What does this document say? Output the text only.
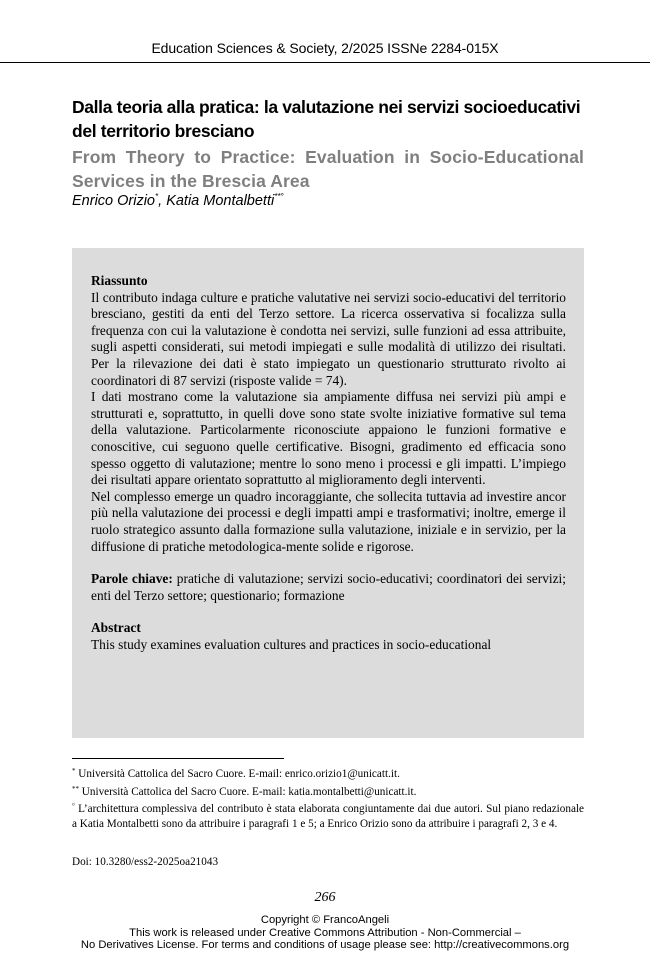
Education Sciences & Society, 2/2025 ISSNe 2284-015X
Dalla teoria alla pratica: la valutazione nei servizi socioeducativi del territorio bresciano
From Theory to Practice: Evaluation in Socio-Educational Services in the Brescia Area
Enrico Orizio*, Katia Montalbetti**°

Riassunto

Il contributo indaga culture e pratiche valutative nei servizi socio-educativi del territorio bresciano, gestiti da enti del Terzo settore. La ricerca osservativa si focalizza sulla frequenza con cui la valutazione è condotta nei servizi, sulle funzioni ad essa attribuite, sugli aspetti considerati, sui metodi impiegati e sulle modalità di utilizzo dei risultati. Per la rilevazione dei dati è stato impiegato un questionario strutturato rivolto ai coordinatori di 87 servizi (risposte valide = 74).

I dati mostrano come la valutazione sia ampiamente diffusa nei servizi più ampi e strutturati e, soprattutto, in quelli dove sono state svolte iniziative formative sul tema della valutazione. Particolarmente riconosciute appaiono le funzioni formative e conoscitive, cui seguono quelle certificative. Bisogni, gradimento ed efficacia sono spesso oggetto di valutazione; mentre lo sono meno i processi e gli impatti. L’impiego dei risultati appare orientato soprattutto al miglioramento degli interventi.

Nel complesso emerge un quadro incoraggiante, che sollecita tuttavia ad investire ancor più nella valutazione dei processi e degli impatti ampi e trasformativi; inoltre, emerge il ruolo strategico assunto dalla formazione sulla valutazione, iniziale e in servizio, per la diffusione di pratiche metodologica-mente solide e rigorose.

Parole chiave: pratiche di valutazione; servizi socio-educativi; coordinatori dei servizi; enti del Terzo settore; questionario; formazione

Abstract

This study examines evaluation cultures and practices in socio-educational

* Università Cattolica del Sacro Cuore. E-mail: enrico.orizio1@unicatt.it.

** Università Cattolica del Sacro Cuore. E-mail: katia.montalbetti@unicatt.it.

° L’architettura complessiva del contributo è stata elaborata congiuntamente dai due autori. Sul piano redazionale a Katia Montalbetti sono da attribuire i paragrafi 1 e 5; a Enrico Orizio sono da attribuire i paragrafi 2, 3 e 4.

Doi: 10.3280/ess2-2025oa21043
266
Copyright © FrancoAngeli
This work is released under Creative Commons Attribution - Non-Commercial –
No Derivatives License. For terms and conditions of usage please see: http://creativecommons.org
